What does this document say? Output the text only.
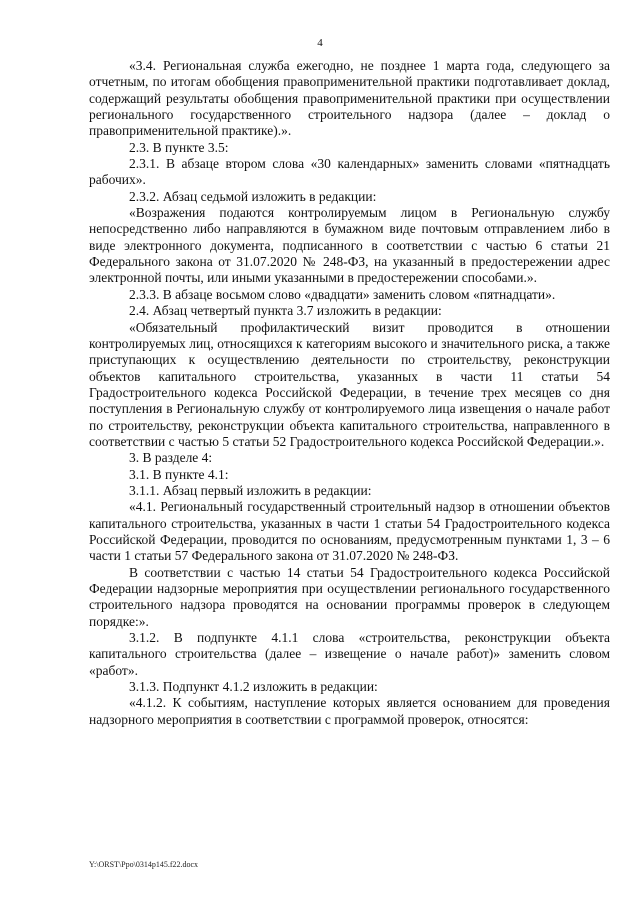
4

«3.4. Региональная служба ежегодно, не позднее 1 марта года, следующего за отчетным, по итогам обобщения правоприменительной практики подготавливает доклад, содержащий результаты обобщения правоприменительной практики при осуществлении регионального государственного строительного надзора (далее – доклад о правоприменительной практике).».

2.3. В пункте 3.5:

2.3.1. В абзаце втором слова «30 календарных» заменить словами «пятнадцать рабочих».

2.3.2. Абзац седьмой изложить в редакции:

«Возражения подаются контролируемым лицом в Региональную службу непосредственно либо направляются в бумажном виде почтовым отправлением либо в виде электронного документа, подписанного в соответствии с частью 6 статьи 21 Федерального закона от 31.07.2020 № 248-ФЗ, на указанный в предостережении адрес электронной почты, или иными указанными в предостережении способами.».

2.3.3. В абзаце восьмом слово «двадцати» заменить словом «пятнадцати».

2.4. Абзац четвертый пункта 3.7 изложить в редакции:

«Обязательный профилактический визит проводится в отношении контролируемых лиц, относящихся к категориям высокого и значительного риска, а также приступающих к осуществлению деятельности по строительству, реконструкции объектов капитального строительства, указанных в части 11 статьи 54 Градостроительного кодекса Российской Федерации, в течение трех месяцев со дня поступления в Региональную службу от контролируемого лица извещения о начале работ по строительству, реконструкции объекта капитального строительства, направленного в соответствии с частью 5 статьи 52 Градостроительного кодекса Российской Федерации.».

3. В разделе 4:

3.1. В пункте 4.1:

3.1.1. Абзац первый изложить в редакции:

«4.1. Региональный государственный строительный надзор в отношении объектов капитального строительства, указанных в части 1 статьи 54 Градостроительного кодекса Российской Федерации, проводится по основаниям, предусмотренным пунктами 1, 3 – 6 части 1 статьи 57 Федерального закона от 31.07.2020 № 248-ФЗ.

В соответствии с частью 14 статьи 54 Градостроительного кодекса Российской Федерации надзорные мероприятия при осуществлении регионального государственного строительного надзора проводятся на основании программы проверок в следующем порядке:».

3.1.2. В подпункте 4.1.1 слова «строительства, реконструкции объекта капитального строительства (далее – извещение о начале работ)» заменить словом «работ».

3.1.3. Подпункт 4.1.2 изложить в редакции:

«4.1.2. К событиям, наступление которых является основанием для проведения надзорного мероприятия в соответствии с программой проверок, относятся:

Y:\ORST\Ppo\0314p145.f22.docx
